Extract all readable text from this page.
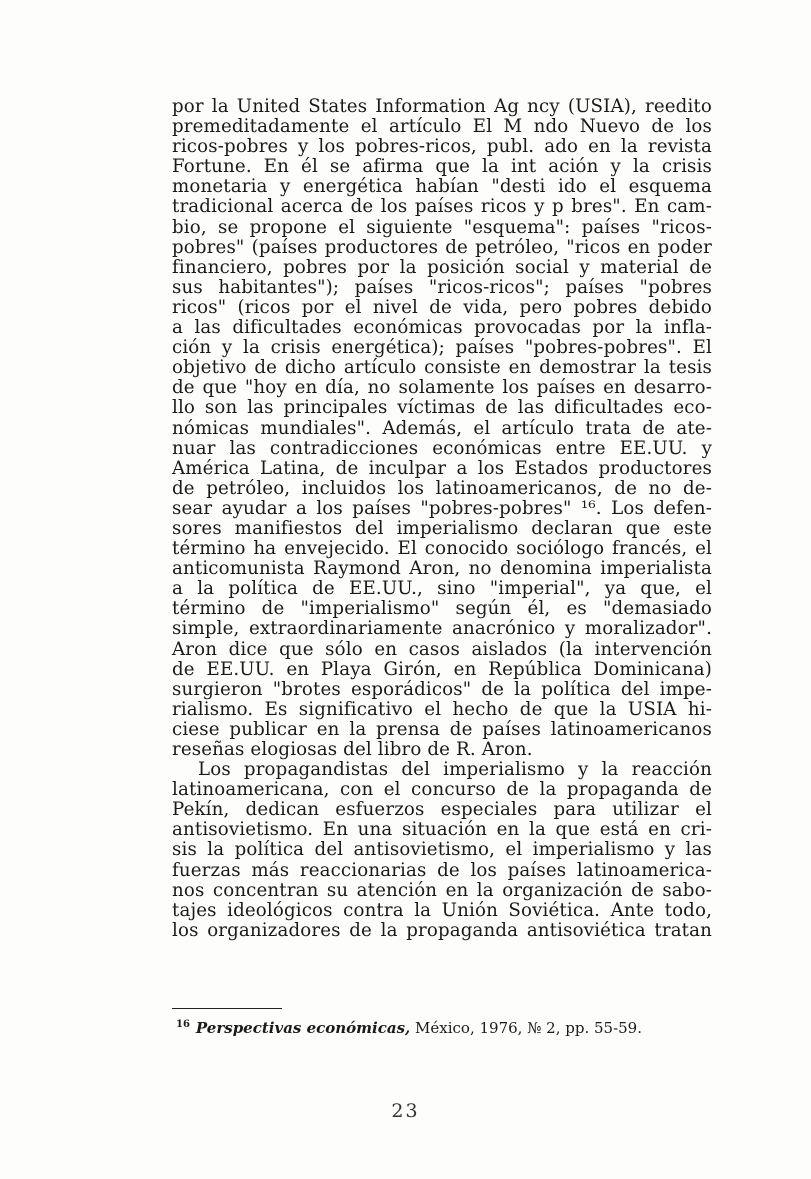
por la United States Information Ag ncy (USIA), reedito
premeditadamente el artículo El M ndo Nuevo de los
ricos-pobres y los pobres-ricos, publ. ado en la revista
Fortune. En él se afirma que la int ación y la crisis
monetaria y energética habían "desti ido el esquema
tradicional acerca de los países ricos y p bres". En cam-
bio, se propone el siguiente "esquema": países "ricos-
pobres" (países productores de petróleo, "ricos en poder
financiero, pobres por la posición social y material de
sus habitantes"); países "ricos-ricos"; países "pobres
ricos" (ricos por el nivel de vida, pero pobres debido
a las dificultades económicas provocadas por la infla-
ción y la crisis energética); países "pobres-pobres". El
objetivo de dicho artículo consiste en demostrar la tesis
de que "hoy en día, no solamente los países en desarro-
llo son las principales víctimas de las dificultades eco-
nómicas mundiales". Además, el artículo trata de ate-
nuar las contradicciones económicas entre EE.UU. y
América Latina, de inculpar a los Estados productores
de petróleo, incluidos los latinoamericanos, de no de-
sear ayudar a los países "pobres-pobres" ¹⁶. Los defen-
sores manifiestos del imperialismo declaran que este
término ha envejecido. El conocido sociólogo francés, el
anticomunista Raymond Aron, no denomina imperialista
a la política de EE.UU., sino "imperial", ya que, el
término de "imperialismo" según él, es "demasiado
simple, extraordinariamente anacrónico y moralizador".
Aron dice que sólo en casos aislados (la intervención
de EE.UU. en Playa Girón, en República Dominicana)
surgieron "brotes esporádicos" de la política del impe-
rialismo. Es significativo el hecho de que la USIA hi-
ciese publicar en la prensa de países latinoamericanos
reseñas elogiosas del libro de R. Aron.
Los propagandistas del imperialismo y la reacción
latinoamericana, con el concurso de la propaganda de
Pekín, dedican esfuerzos especiales para utilizar el
antisovietismo. En una situación en la que está en cri-
sis la política del antisovietismo, el imperialismo y las
fuerzas más reaccionarias de los países latinoamerica-
nos concentran su atención en la organización de sabo-
tajes ideológicos contra la Unión Soviética. Ante todo,
los organizadores de la propaganda antisoviética tratan
$^{16}$ Perspectivas económicas, México, 1976, № 2, pp. 55-59.
23
